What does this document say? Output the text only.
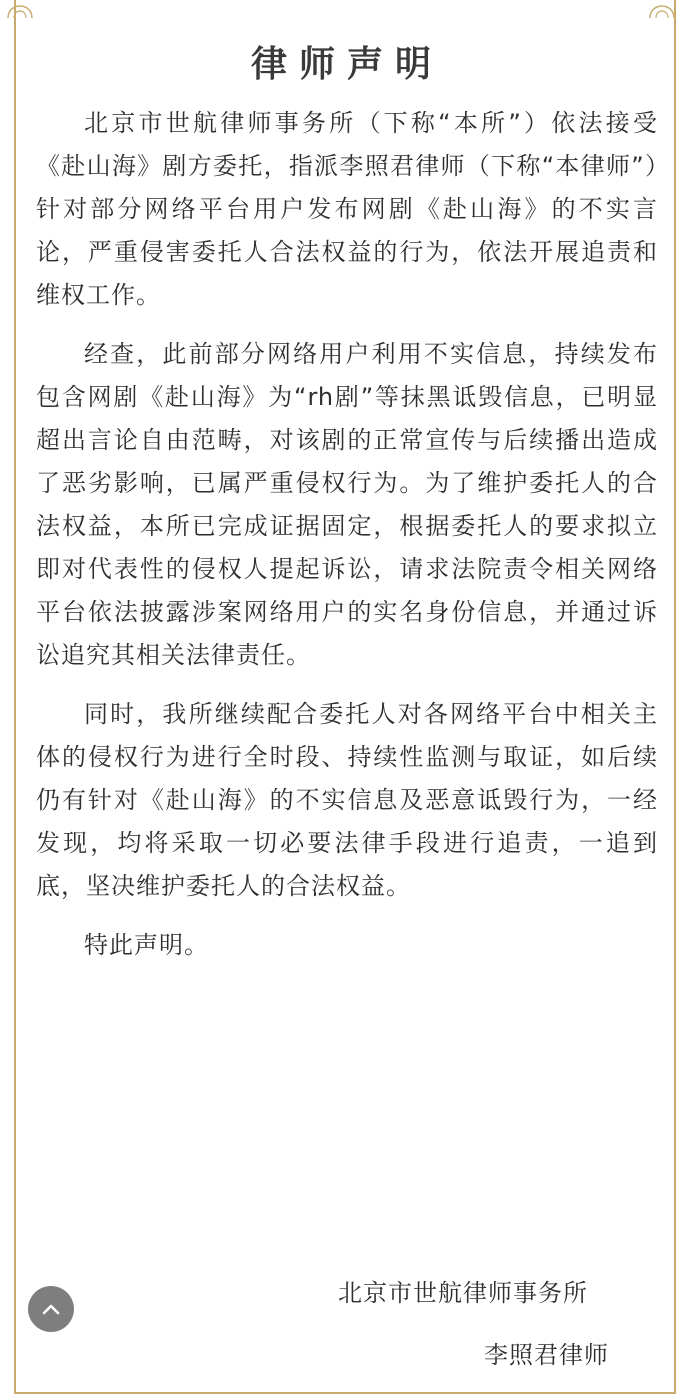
律师声明

北京市世航律师事务所（下称“本所”）依法接受《赴山海》剧方委托，指派李照君律师（下称“本律师”）针对部分网络平台用户发布网剧《赴山海》的不实言论，严重侵害委托人合法权益的行为，依法开展追责和维权工作。

经查，此前部分网络用户利用不实信息，持续发布包含网剧《赴山海》为“rh剧”等抹黑诋毁信息，已明显超出言论自由范畴，对该剧的正常宣传与后续播出造成了恶劣影响，已属严重侵权行为。为了维护委托人的合法权益，本所已完成证据固定，根据委托人的要求拟立即对代表性的侵权人提起诉讼，请求法院责令相关网络平台依法披露涉案网络用户的实名身份信息，并通过诉讼追究其相关法律责任。

同时，我所继续配合委托人对各网络平台中相关主体的侵权行为进行全时段、持续性监测与取证，如后续仍有针对《赴山海》的不实信息及恶意诋毁行为，一经发现，均将采取一切必要法律手段进行追责，一追到底，坚决维护委托人的合法权益。

特此声明。

北京市世航律师事务所
李照君律师
